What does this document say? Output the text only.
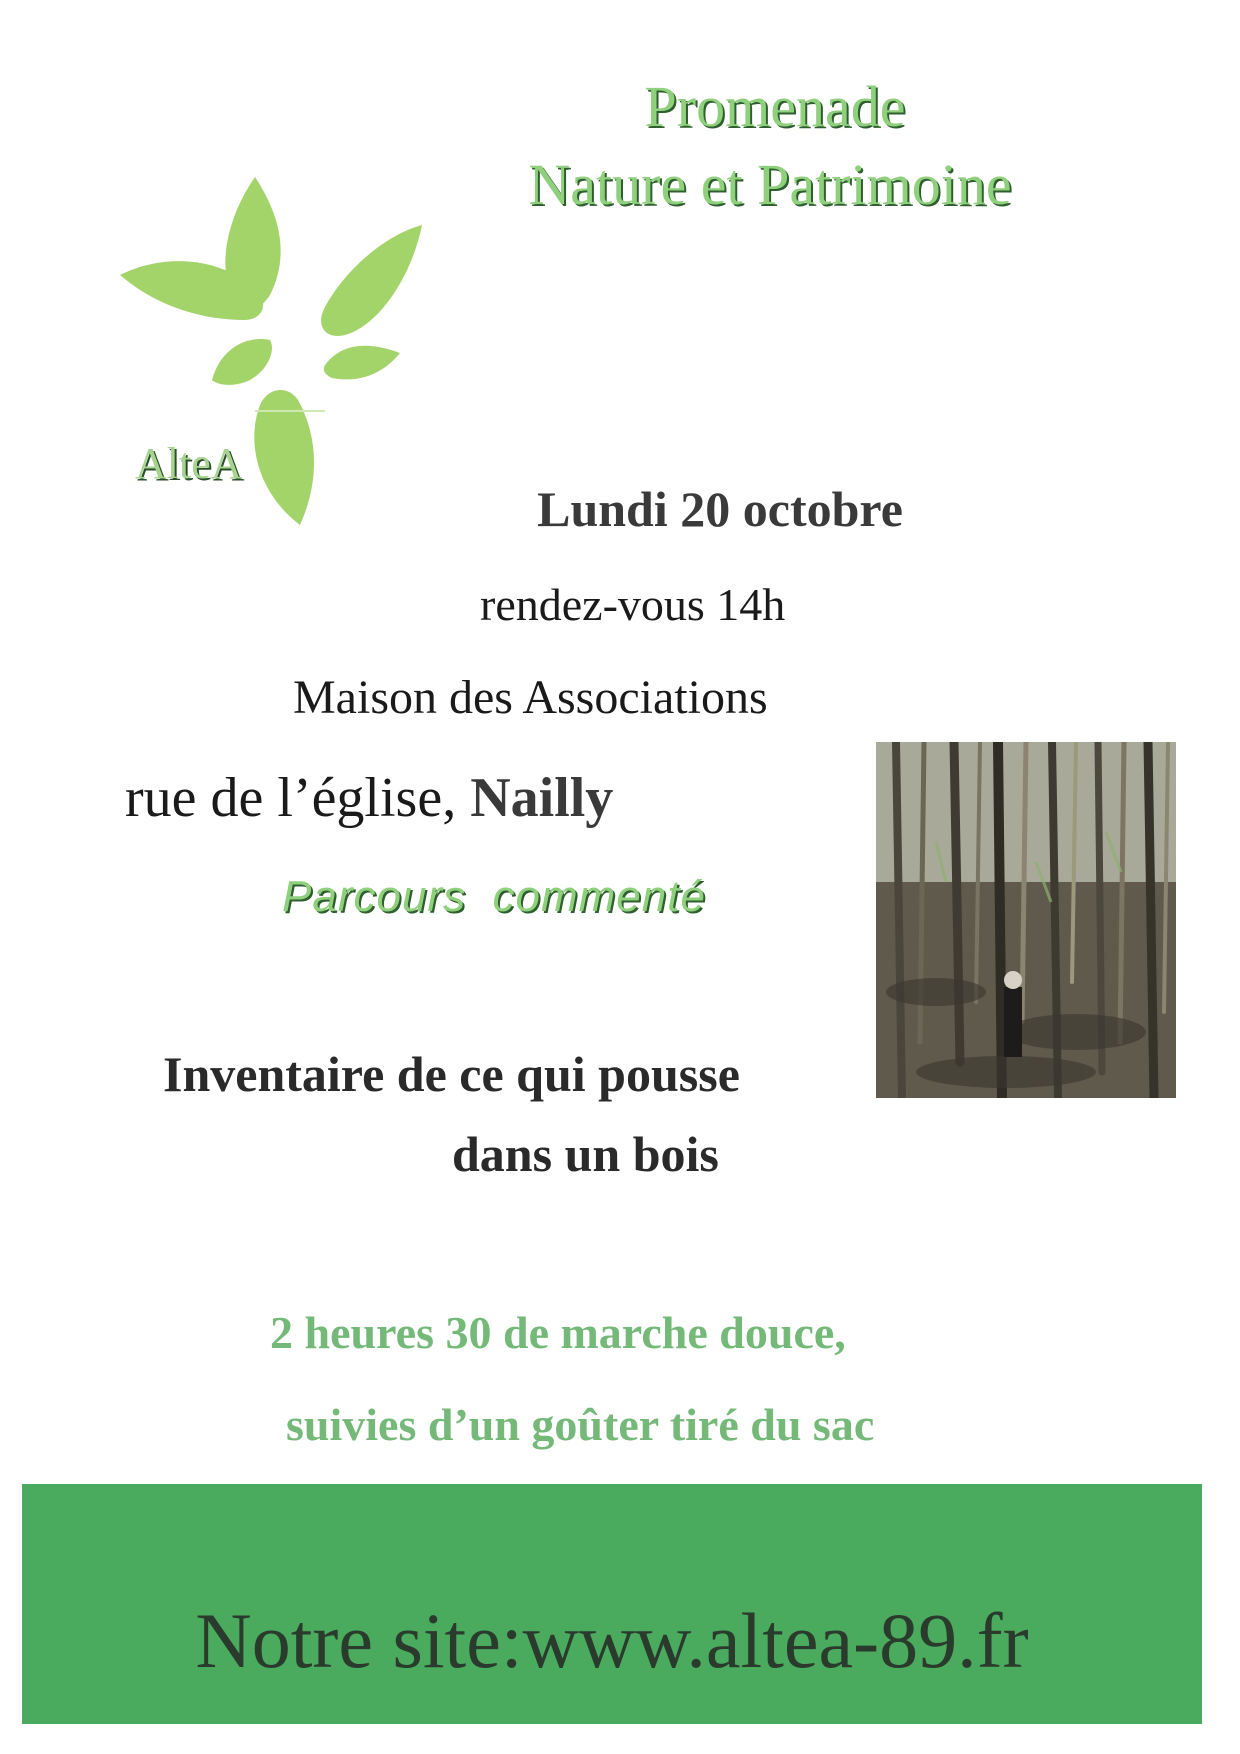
Promenade
Nature et Patrimoine
AlteA
Lundi 20 octobre
rendez-vous 14h
Maison des Associations
rue de l’église, Nailly
Parcours  commenté
Inventaire de ce qui pousse
dans un bois
2 heures 30 de marche douce,
suivies d’un goûter tiré du sac
Notre site:www.altea-89.fr
